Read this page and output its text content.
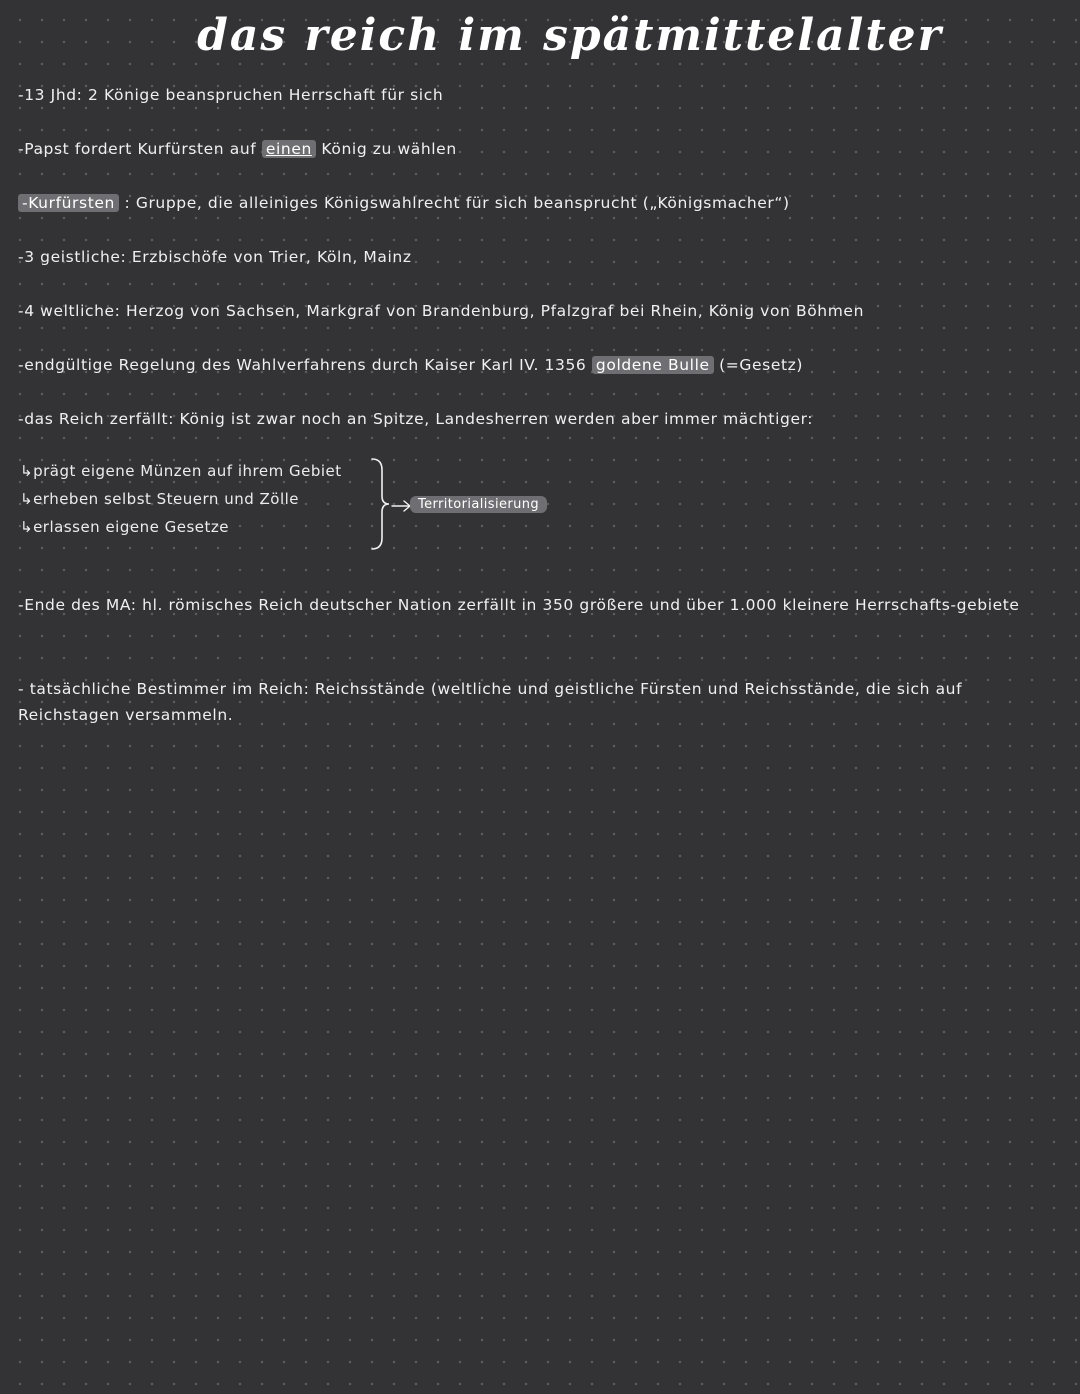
das reich im spätmittelalter
-13 Jhd: 2 Könige beanspruchen Herrschaft für sich
-Papst fordert Kurfürsten auf einen König zu wählen
-Kurfürsten : Gruppe, die alleiniges Königswahlrecht für sich beansprucht („Königsmacher“)
-3 geistliche: Erzbischöfe von Trier, Köln, Mainz
-4 weltliche: Herzog von Sachsen, Markgraf von Brandenburg, Pfalzgraf bei Rhein, König von Böhmen
-endgültige Regelung des Wahlverfahrens durch Kaiser Karl IV. 1356 goldene Bulle (=Gesetz)
-das Reich zerfällt: König ist zwar noch an Spitze, Landesherren werden aber immer mächtiger:
↳prägt eigene Münzen auf ihrem Gebiet
↳erheben selbst Steuern und Zölle
↳erlassen eigene Gesetze
Territorialisierung
-Ende des MA: hl. römisches Reich deutscher Nation zerfällt in 350 größere und über 1.000 kleinere Herrschafts-gebiete
- tatsächliche Bestimmer im Reich: Reichsstände (weltliche und geistliche Fürsten und Reichsstände, die sich auf Reichstagen versammeln.
